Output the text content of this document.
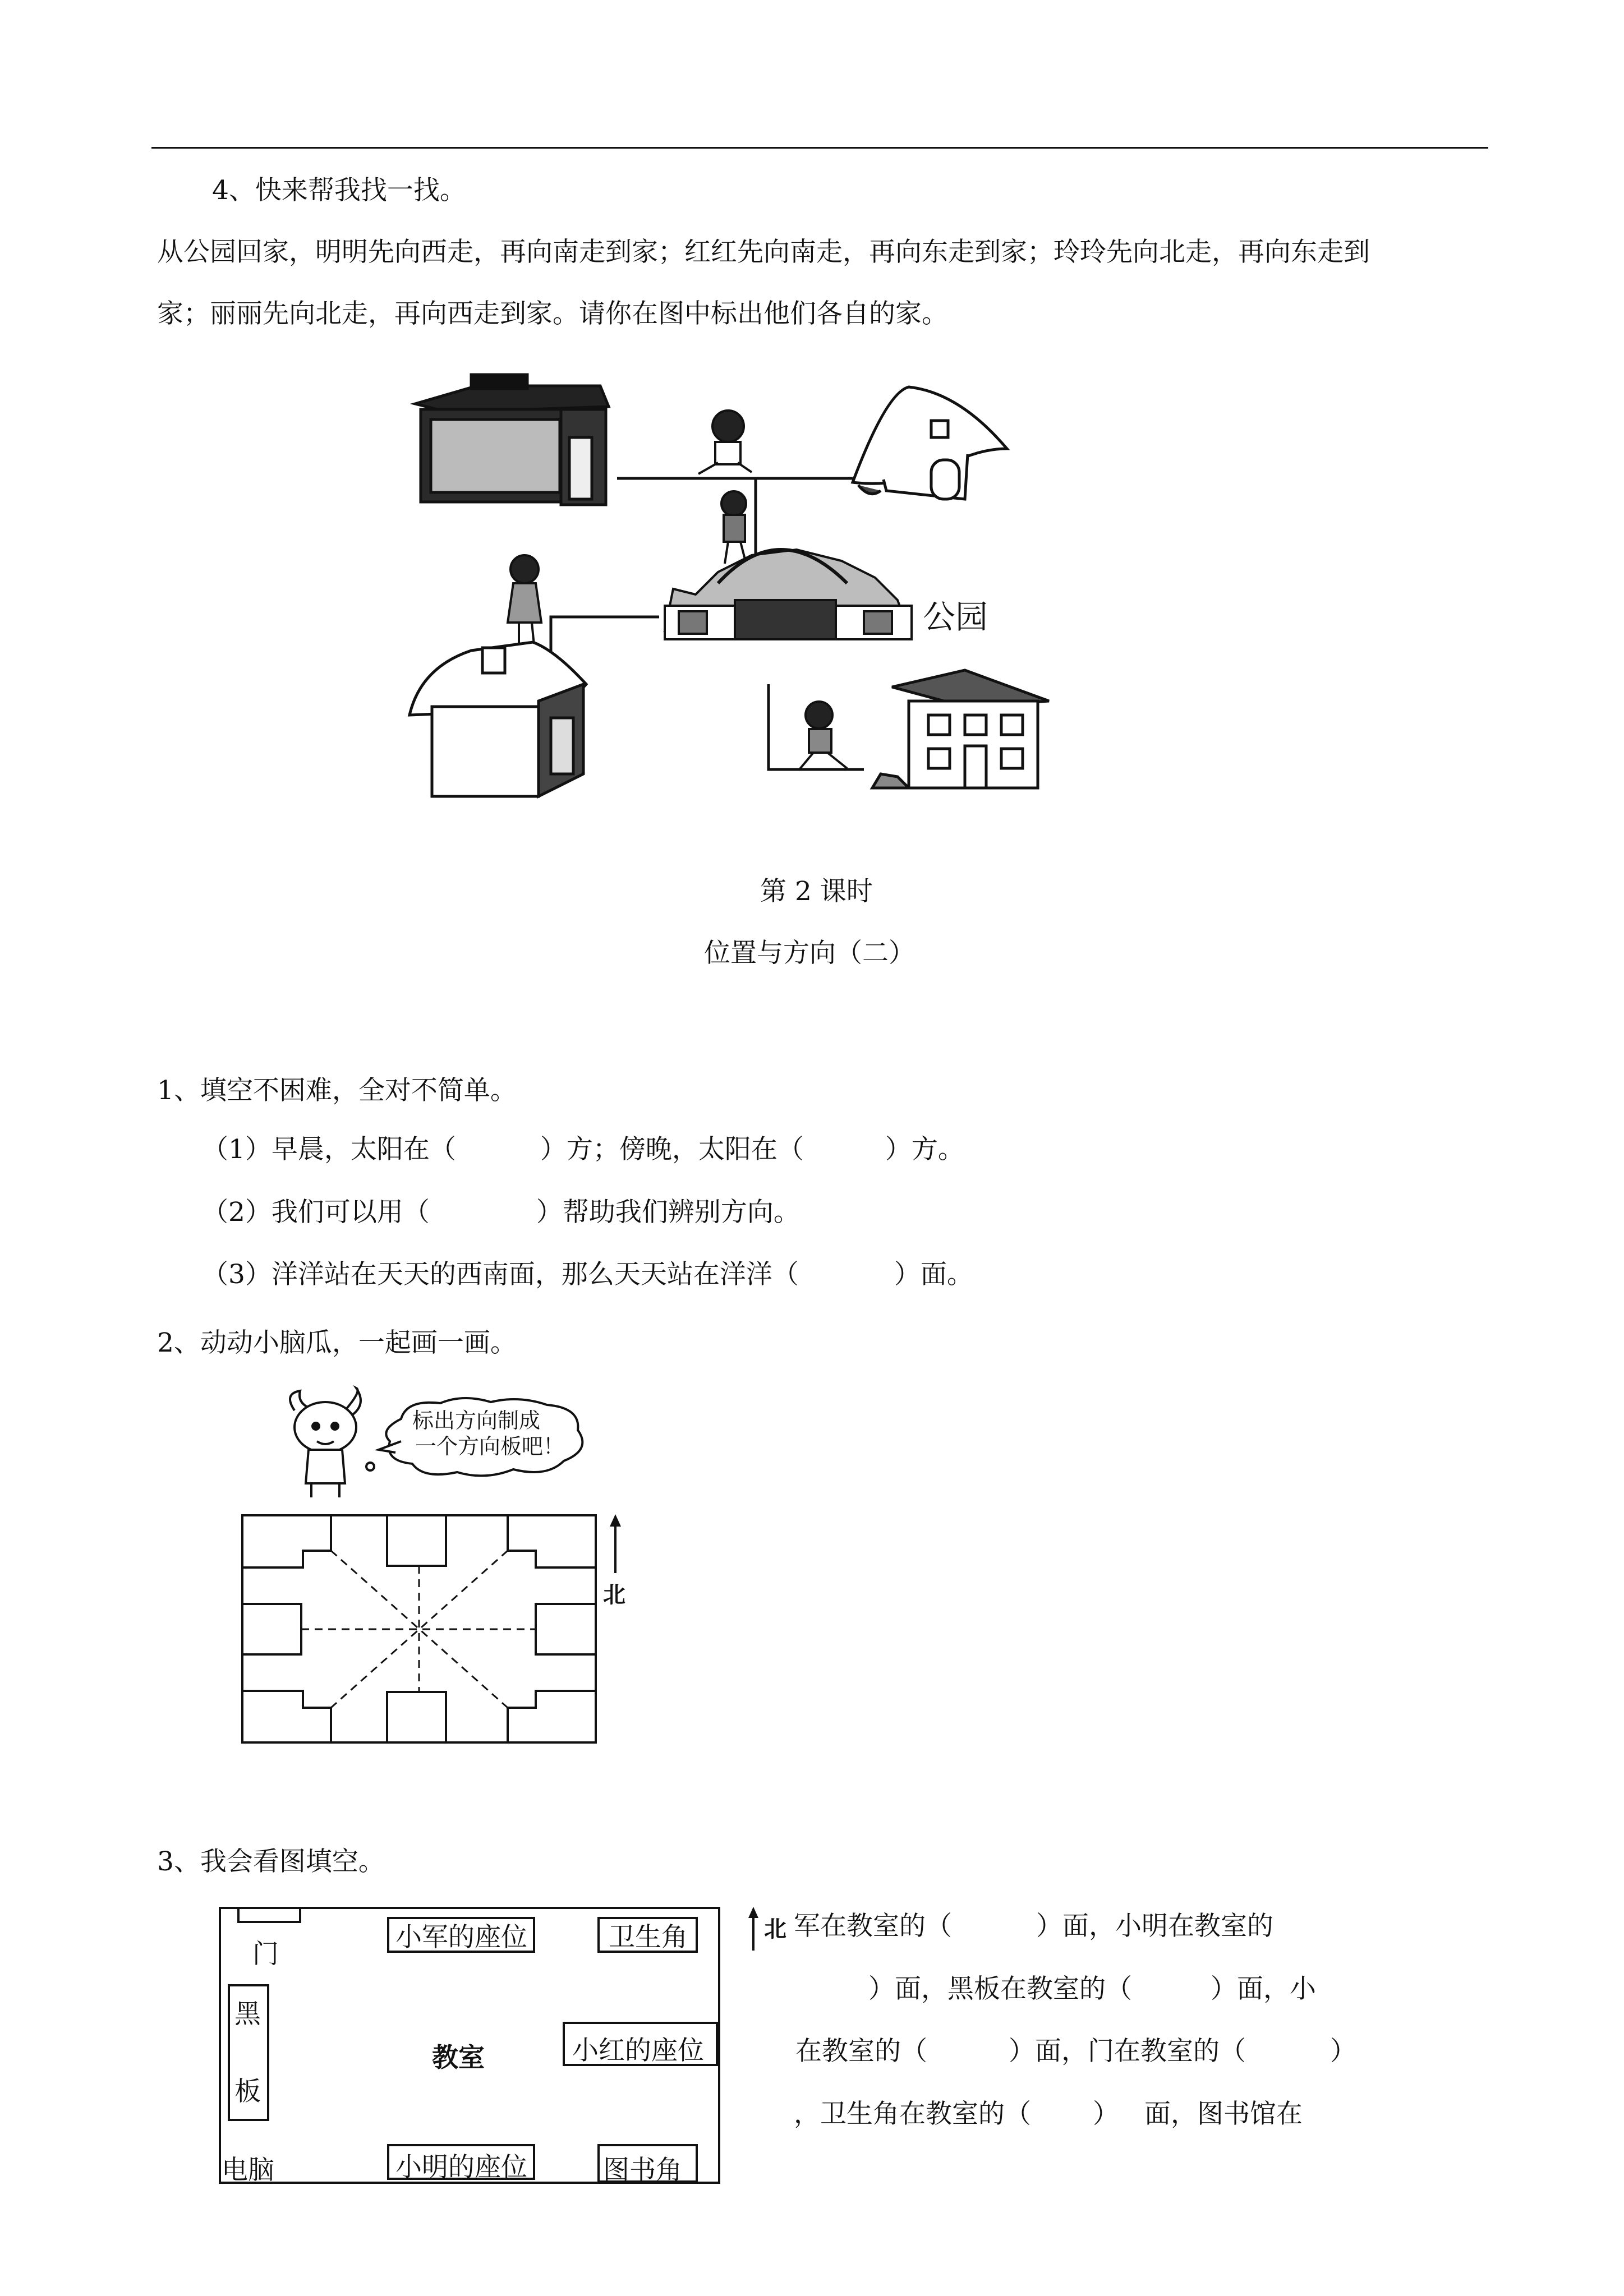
4、快来帮我找一找。
从公园回家，明明先向西走，再向南走到家；红红先向南走，再向东走到家；玲玲先向北走，再向东走到
家；丽丽先向北走，再向西走到家。请你在图中标出他们各自的家。
公园
第 2 课时
位置与方向（二）
1、填空不困难，全对不简单。
（1）早晨，太阳在（	）方；傍晚，太阳在（	）方。
（2）我们可以用（	）帮助我们辨别方向。
（3）洋洋站在天天的西南面，那么天天站在洋洋（	）面。
2、动动小脑瓜，一起画一画。
标出方向制成
一个方向板吧！
北
3、我会看图填空。
门
黑
板
教室
小军的座位	卫生角
小红的座位
电脑	小明的座位	图书角
北 军在教室的（	）面，小明在教室的
）面，黑板在教室的（	）面，小
在教室的（	）面，门在教室的（	）
，卫生角在教室的（ ） 面，图书馆在
